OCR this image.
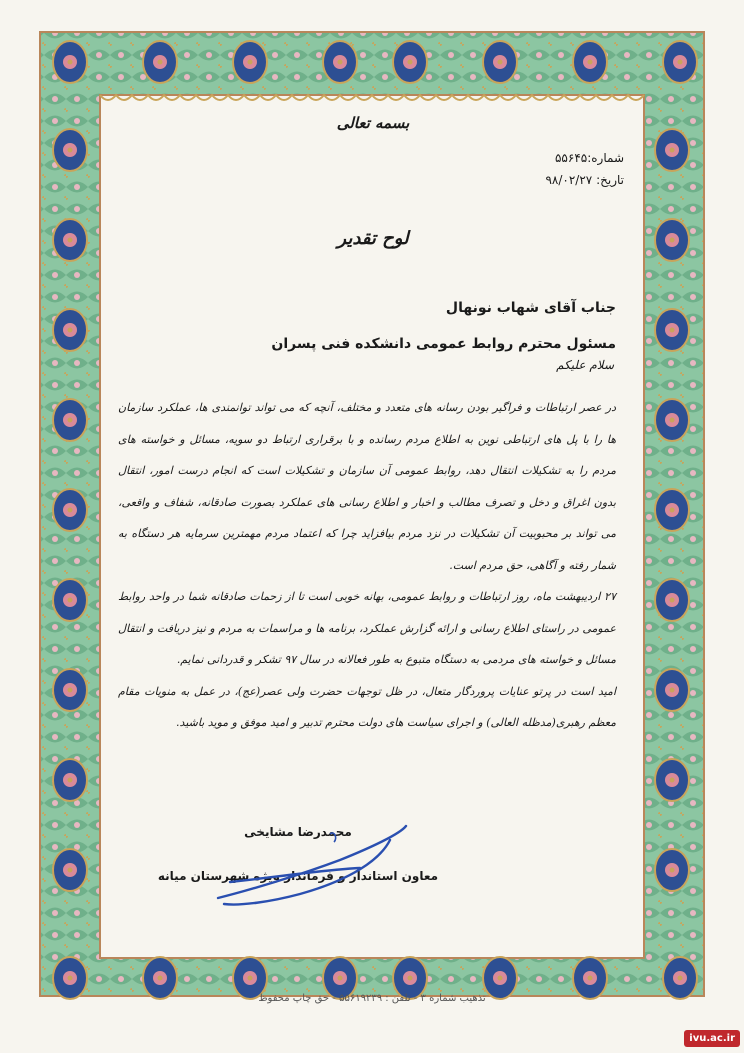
بسمه تعالی
شماره:۵۵۶۴۵
تاریخ: ۹۸/۰۲/۲۷
لوح تقدیر
جناب آقای شهاب نونهال
مسئول محترم روابط عمومی دانشکده فنی پسران
سلام علیکم

در عصر ارتباطات و فراگیر بودن رسانه های متعدد و مختلف، آنچه که می تواند توانمندی ها، عملکرد سازمان ها را با پل های ارتباطی نوین به اطلاع مردم رسانده و با برقراری ارتباط دو سویه، مسائل و خواسته های مردم را به تشکیلات انتقال دهد، روابط عمومی آن سازمان و تشکیلات است که انجام درست امور، انتقال بدون اغراق و دخل و تصرف مطالب و اخبار و اطلاع رسانی های عملکرد بصورت صادقانه، شفاف و واقعی، می تواند بر محبوبیت آن تشکیلات در نزد مردم بیافزاید چرا که اعتماد مردم مهمترین سرمایه هر دستگاه به شمار رفته و آگاهی، حق مردم است.

۲۷ اردیبهشت ماه، روز ارتباطات و روابط عمومی، بهانه خوبی است تا از زحمات صادقانه شما در واحد روابط عمومی در راستای اطلاع رسانی و ارائه گزارش عملکرد، برنامه ها و مراسمات به مردم و نیز دریافت و انتقال مسائل و خواسته های مردمی به دستگاه متبوع به طور فعالانه در سال ۹۷ تشکر و قدردانی نمایم.

امید است در پرتو عنایات پروردگار متعال، در ظل توجهات حضرت ولی عصر(عج)، در عمل به منویات مقام معظم رهبری(مدظله العالی) و اجرای سیاست های دولت محترم تدبیر و امید موفق و موید باشید.

محمدرضا مشایخی
معاون استاندار و فرماندار ویژه شهرستان میانه
تذهیب شماره ۳ - تلفن : ۵۵۶۱۹۲۳۹ - حق چاپ محفوظ
ivu.ac.ir
